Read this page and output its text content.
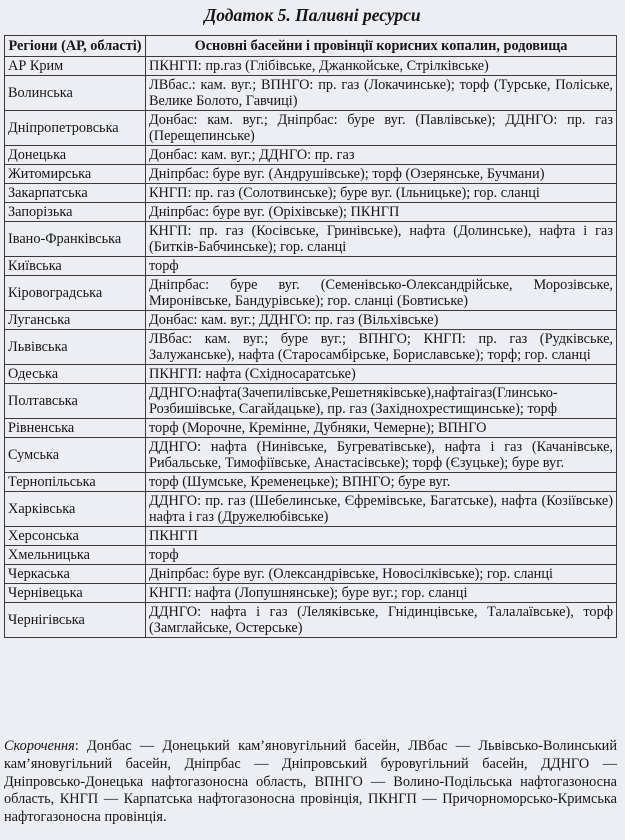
Додаток 5. Паливні ресурси
Регіони (АР, області)	Основні басейни і провінції корисних копалин, родовища
АР Крим	ПКНГП: пр.газ (Глібівське, Джанкойське, Стрілківське)
Волинська	ЛВбас.: кам. вуг.; ВПНГО: пр. газ (Локачинське); торф (Турське, Поліське, Велике Болото, Гавчиці)
Дніпропетровська	Донбас: кам. вуг.; Дніпрбас: буре вуг. (Павлівське); ДДНГО: пр. газ (Перещепинське)
Донецька	Донбас: кам. вуг.; ДДНГО: пр. газ
Житомирська	Дніпрбас: буре вуг. (Андрушівське); торф (Озерянське, Бучмани)
Закарпатська	КНГП: пр. газ (Солотвинське); буре вуг. (Ільницьке); гор. сланці
Запорізька	Дніпрбас: буре вуг. (Оріхівське); ПКНГП
Івано-Франківська	КНГП: пр. газ (Косівське, Гринівське), нафта (Долинське), нафта і газ (Битків-Бабчинське); гор. сланці
Київська	торф
Кіровоградська	Дніпрбас: буре вуг. (Семенівсько-Олександрійське, Морозівське, Миронівське, Бандурівське); гор. сланці (Бовтиське)
Луганська	Донбас: кам. вуг.; ДДНГО: пр. газ (Вільхівське)
Львівська	ЛВбас: кам. вуг.; буре вуг.; ВПНГО; КНГП: пр. газ (Рудківське, Залужанське), нафта (Старосамбірське, Бориславське); торф; гор. сланці
Одеська	ПКНГП: нафта (Східносаратське)
Полтавська	ДДНГО:нафта(Зачепилівське,Решетняківське),нафтаігаз(Глинсько-Розбишівське, Сагайдацьке), пр. газ (Західнохрестищинське); торф
Рівненська	торф (Морочне, Кремінне, Дубняки, Чемерне); ВПНГО
Сумська	ДДНГО: нафта (Нинівське, Бугреватівське), нафта і газ (Качанівське, Рибальське, Тимофіївське, Анастасівське); торф (Єзуцьке); буре вуг.
Тернопільська	торф (Шумське, Кременецьке); ВПНГО; буре вуг.
Харківська	ДДНГО: пр. газ (Шебелинське, Єфремівське, Багатське), нафта (Козіївське) нафта і газ (Дружелюбівське)
Херсонська	ПКНГП
Хмельницька	торф
Черкаська	Дніпрбас: буре вуг. (Олександрівське, Новосілківське); гор. сланці
Чернівецька	КНГП: нафта (Лопушнянське); буре вуг.; гор. сланці
Чернігівська	ДДНГО: нафта і газ (Леляківське, Гнідинцівське, Талалаївське), торф (Замглайське, Остерське)
Скорочення: Донбас — Донецький кам’яновугільний басейн, ЛВбас — Львівсько-Волинський кам’яновугільний басейн, Дніпрбас — Дніпровський буровугільний басейн, ДДНГО — Дніпровсько-Донецька нафтогазоносна область, ВПНГО — Волино-Подільська нафтогазоносна область, КНГП — Карпатська нафтогазоносна провінція, ПКНГП — Причорноморсько-Кримська нафтогазоносна провінція.
